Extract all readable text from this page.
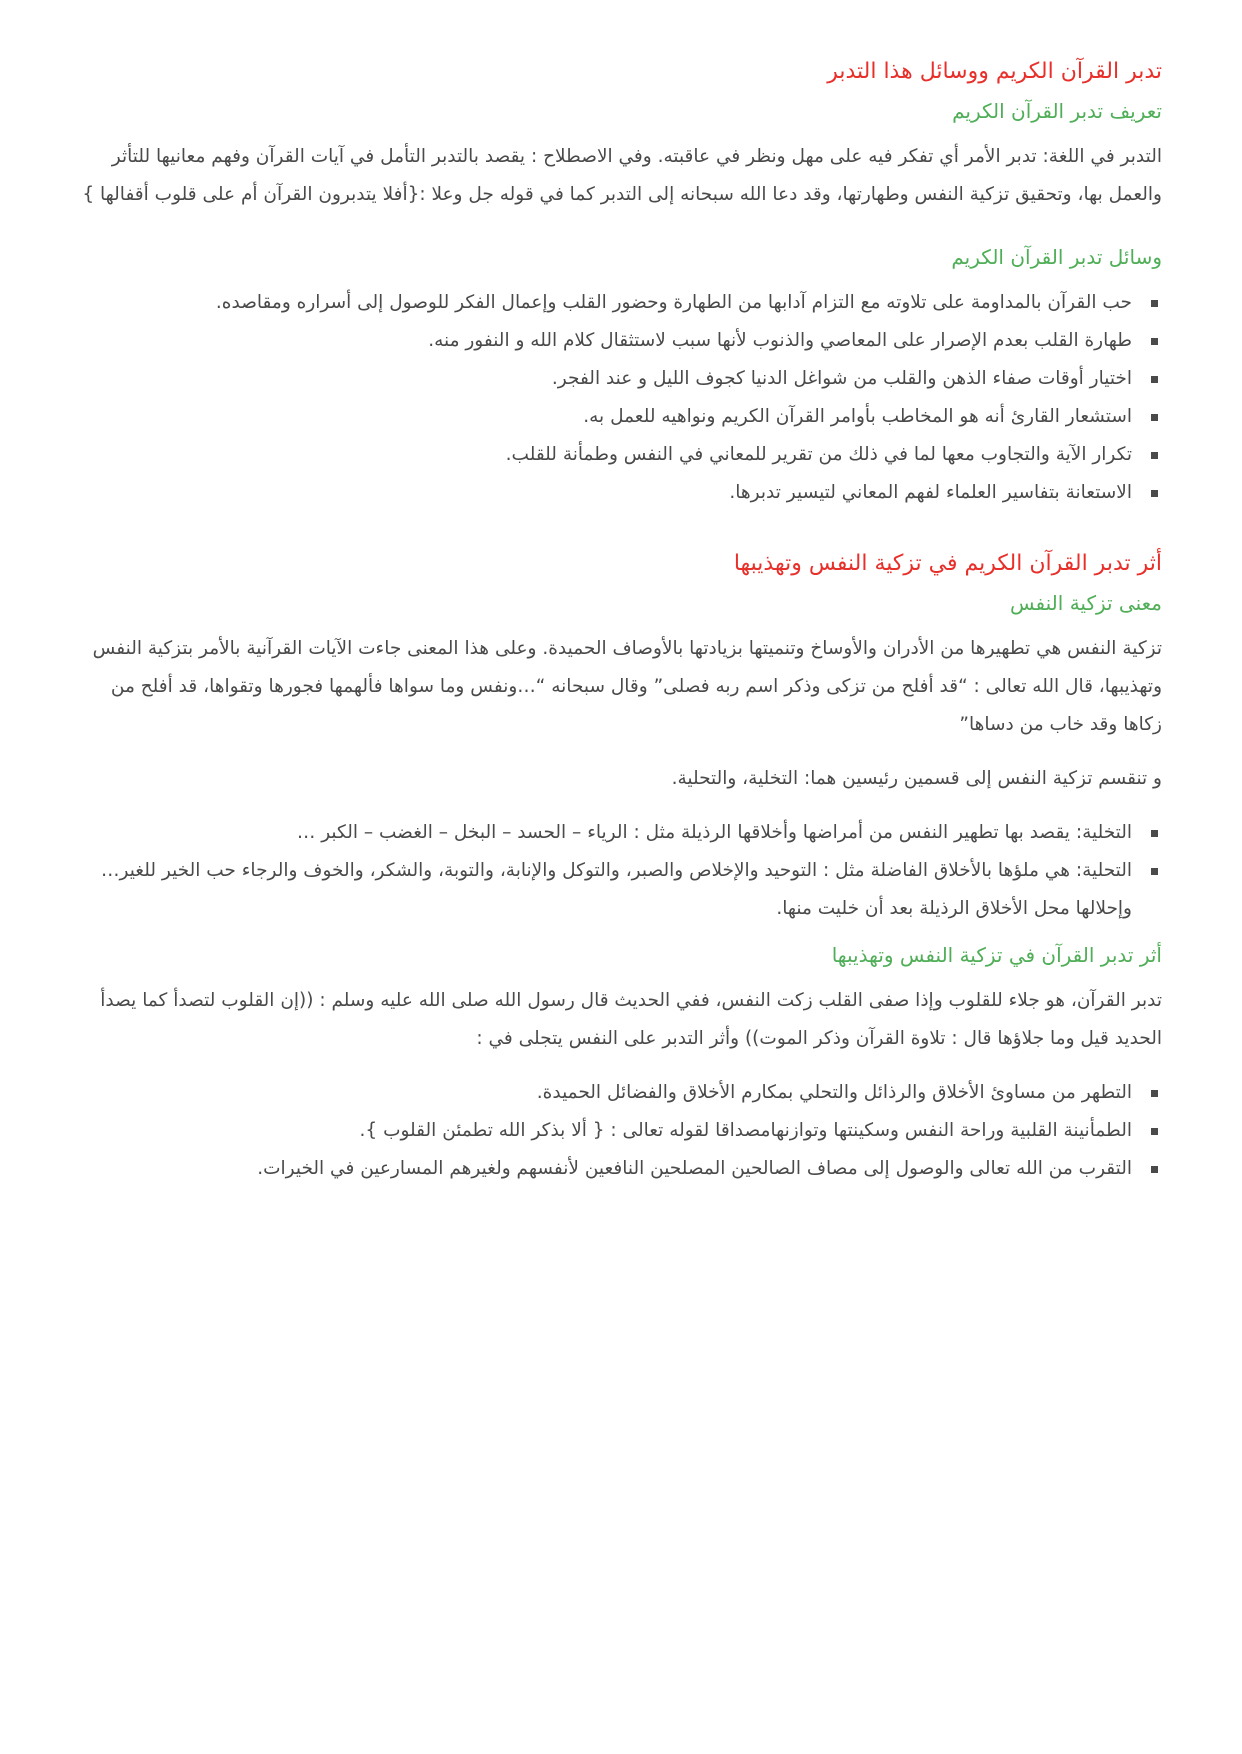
تدبر القرآن الكريم ووسائل هذا التدبر
تعريف تدبر القرآن الكريم

التدبر في اللغة: تدبر الأمر أي تفكر فيه على مهل ونظر في عاقبته. وفي الاصطلاح : يقصد بالتدبر التأمل في آيات القرآن وفهم معانيها للتأثر والعمل بها، وتحقيق تزكية النفس وطهارتها، وقد دعا الله سبحانه إلى التدبر كما في قوله جل وعلا :{أفلا يتدبرون القرآن أم على قلوب أقفالها }

وسائل تدبر القرآن الكريم
حب القرآن بالمداومة على تلاوته مع التزام آدابها من الطهارة وحضور القلب وإعمال الفكر للوصول إلى أسراره ومقاصده.
طهارة القلب بعدم الإصرار على المعاصي والذنوب لأنها سبب لاستثقال كلام الله و النفور منه.
اختيار أوقات صفاء الذهن والقلب من شواغل الدنيا كجوف الليل و عند الفجر.
استشعار القارئ أنه هو المخاطب بأوامر القرآن الكريم ونواهيه للعمل به.
تكرار الآية والتجاوب معها لما في ذلك من تقرير للمعاني في النفس وطمأنة للقلب.
الاستعانة بتفاسير العلماء لفهم المعاني لتيسير تدبرها.
أثر تدبر القرآن الكريم في تزكية النفس وتهذيبها
معنى تزكية النفس

تزكية النفس هي تطهيرها من الأدران والأوساخ وتنميتها بزيادتها بالأوصاف الحميدة. وعلى هذا المعنى جاءت الآيات القرآنية بالأمر بتزكية النفس وتهذيبها، قال الله تعالى : “قد أفلح من تزكى وذكر اسم ربه فصلى” وقال سبحانه “…ونفس وما سواها فألهمها فجورها وتقواها، قد أفلح من زكاها وقد خاب من دساها”

و تنقسم تزكية النفس إلى قسمين رئيسين هما: التخلية، والتحلية.

التخلية: يقصد بها تطهير النفس من أمراضها وأخلاقها الرذيلة مثل : الرياء – الحسد – البخل – الغضب – الكبر …
التحلية: هي ملؤها بالأخلاق الفاضلة مثل : التوحيد والإخلاص والصبر، والتوكل والإنابة، والتوبة، والشكر، والخوف والرجاء حب الخير للغير…وإحلالها محل الأخلاق الرذيلة بعد أن خليت منها.
أثر تدبر القرآن في تزكية النفس وتهذيبها

تدبر القرآن، هو جلاء للقلوب وإذا صفى القلب زكت النفس، ففي الحديث قال رسول الله صلى الله عليه وسلم : ((إن القلوب لتصدأ كما يصدأ الحديد قيل وما جلاؤها قال : تلاوة القرآن وذكر الموت)) وأثر التدبر على النفس يتجلى في :

التطهر من مساوئ الأخلاق والرذائل والتحلي بمكارم الأخلاق والفضائل الحميدة.
الطمأنينة القلبية وراحة النفس وسكينتها وتوازنهامصداقا لقوله تعالى : { ألا بذكر الله تطمئن القلوب }.
التقرب من الله تعالى والوصول إلى مصاف الصالحين المصلحين النافعين لأنفسهم ولغيرهم المسارعين في الخيرات.
